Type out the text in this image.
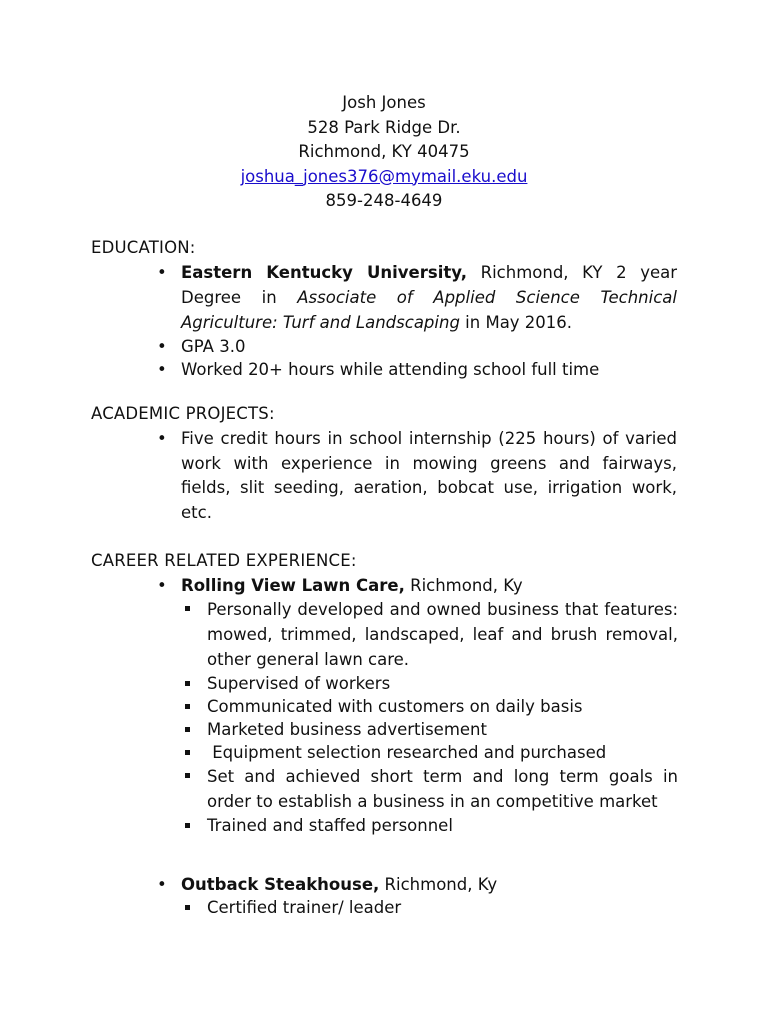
Josh Jones
528 Park Ridge Dr.
Richmond, KY 40475
joshua_jones376@mymail.eku.edu
859-248-4649
EDUCATION:
• Eastern Kentucky University, Richmond, KY 2 year Degree in Associate of Applied Science Technical Agriculture: Turf and Landscaping in May 2016.
• GPA 3.0
• Worked 20+ hours while attending school full time
ACADEMIC PROJECTS:
• Five credit hours in school internship (225 hours) of varied work with experience in mowing greens and fairways, fields, slit seeding, aeration, bobcat use, irrigation work, etc.
CAREER RELATED EXPERIENCE:
• Rolling View Lawn Care, Richmond, Ky
Personally developed and owned business that features: mowed, trimmed, landscaped, leaf and brush removal, other general lawn care.
Supervised of workers
Communicated with customers on daily basis
Marketed business advertisement
Equipment selection researched and purchased
Set and achieved short term and long term goals in order to establish a business in an competitive market
Trained and staffed personnel
• Outback Steakhouse, Richmond, Ky
Certified trainer/ leader
